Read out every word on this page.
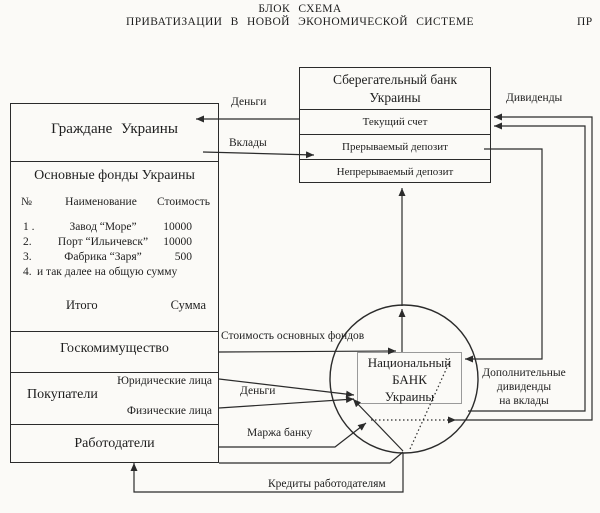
БЛОК СХЕМА
ПРИВАТИЗАЦИИ В НОВОЙ ЭКОНОМИЧЕСКОЙ СИСТЕМЕ	ПР
Граждане Украины
Основные фонды Украины
№	Наименование	Стоимость
1 .	Завод “Море”	10000
2.	Порт “Ильичевск”	10000
3.	Фабрика “Заря”	500
4. и так далее на общую сумму
Итого	Сумма
Госкомимущество
Юридические лица
Покупатели
Физические лица
Работодатели
Сберегательный банк
Украины
Текущий счет
Прерываемый депозит
Непрерываемый депозит
Национальный
БАНК
Украины
Деньги
Вклады
Дивиденды
Стоимость основных фондов
Деньги
Маржа банку
Кредиты работодателям
Дополнительные
дивиденды
на вклады
